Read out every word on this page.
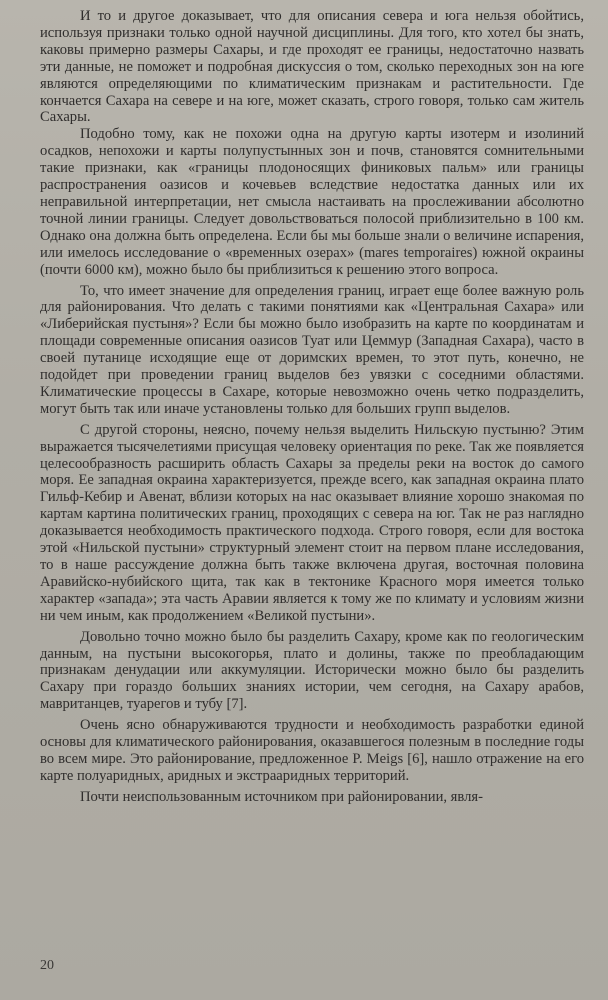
И то и другое доказывает, что для описания севера и юга нельзя обойтись, используя признаки только одной научной дисциплины. Для того, кто хотел бы знать, каковы примерно размеры Сахары, и где проходят ее границы, недостаточно назвать эти данные, не поможет и подробная дискуссия о том, сколько переходных зон на юге являются определяющими по климатическим признакам и растительности. Где кончается Сахара на севере и на юге, может сказать, строго говоря, только сам житель Сахары.

Подобно тому, как не похожи одна на другую карты изотерм и изолиний осадков, непохожи и карты полупустынных зон и почв, становятся сомнительными такие признаки, как «границы плодоносящих финиковых пальм» или границы распространения оазисов и кочевьев вследствие недостатка данных или их неправильной интерпретации, нет смысла настаивать на прослеживании абсолютно точной линии границы. Следует довольствоваться полосой приблизительно в 100 км. Однако она должна быть определена. Если бы мы больше знали о величине испарения, или имелось исследование о «временных озерах» (mares temporaires) южной окраины (почти 6000 км), можно было бы приблизиться к решению этого вопроса.

То, что имеет значение для определения границ, играет еще более важную роль для районирования. Что делать с такими понятиями как «Центральная Сахара» или «Либерийская пустыня»? Если бы можно было изобразить на карте по координатам и площади современные описания оазисов Туат или Цеммур (Западная Сахара), часто в своей путанице исходящие еще от доримских времен, то этот путь, конечно, не подойдет при проведении границ выделов без увязки с соседними областями. Климатические процессы в Сахаре, которые невозможно очень четко подразделить, могут быть так или иначе установлены только для больших групп выделов.

С другой стороны, неясно, почему нельзя выделить Нильскую пустыню? Этим выражается тысячелетиями присущая человеку ориентация по реке. Так же появляется целесообразность расширить область Сахары за пределы реки на восток до самого моря. Ее западная окраина характеризуется, прежде всего, как западная окраина плато Гильф-Кебир и Авенат, вблизи которых на нас оказывает влияние хорошо знакомая по картам картина политических границ, проходящих с севера на юг. Так не раз наглядно доказывается необходимость практического подхода. Строго говоря, если для востока этой «Нильской пустыни» структурный элемент стоит на первом плане исследования, то в наше рассуждение должна быть также включена другая, восточная половина Аравийско-нубийского щита, так как в тектонике Красного моря имеется только характер «запада»; эта часть Аравии является к тому же по климату и условиям жизни ни чем иным, как продолжением «Великой пустыни».

Довольно точно можно было бы разделить Сахару, кроме как по геологическим данным, на пустыни высокогорья, плато и долины, также по преобладающим признакам денудации или аккумуляции. Исторически можно было бы разделить Сахару при гораздо больших знаниях истории, чем сегодня, на Сахару арабов, мавританцев, туарегов и тубу [7].

Очень ясно обнаруживаются трудности и необходимость разработки единой основы для климатического районирования, оказавшегося полезным в последние годы во всем мире. Это районирование, предложенное P. Meigs [6], нашло отражение на его карте полуаридных, аридных и экстрааридных территорий.

Почти неиспользованным источником при районировании, явля-

20
